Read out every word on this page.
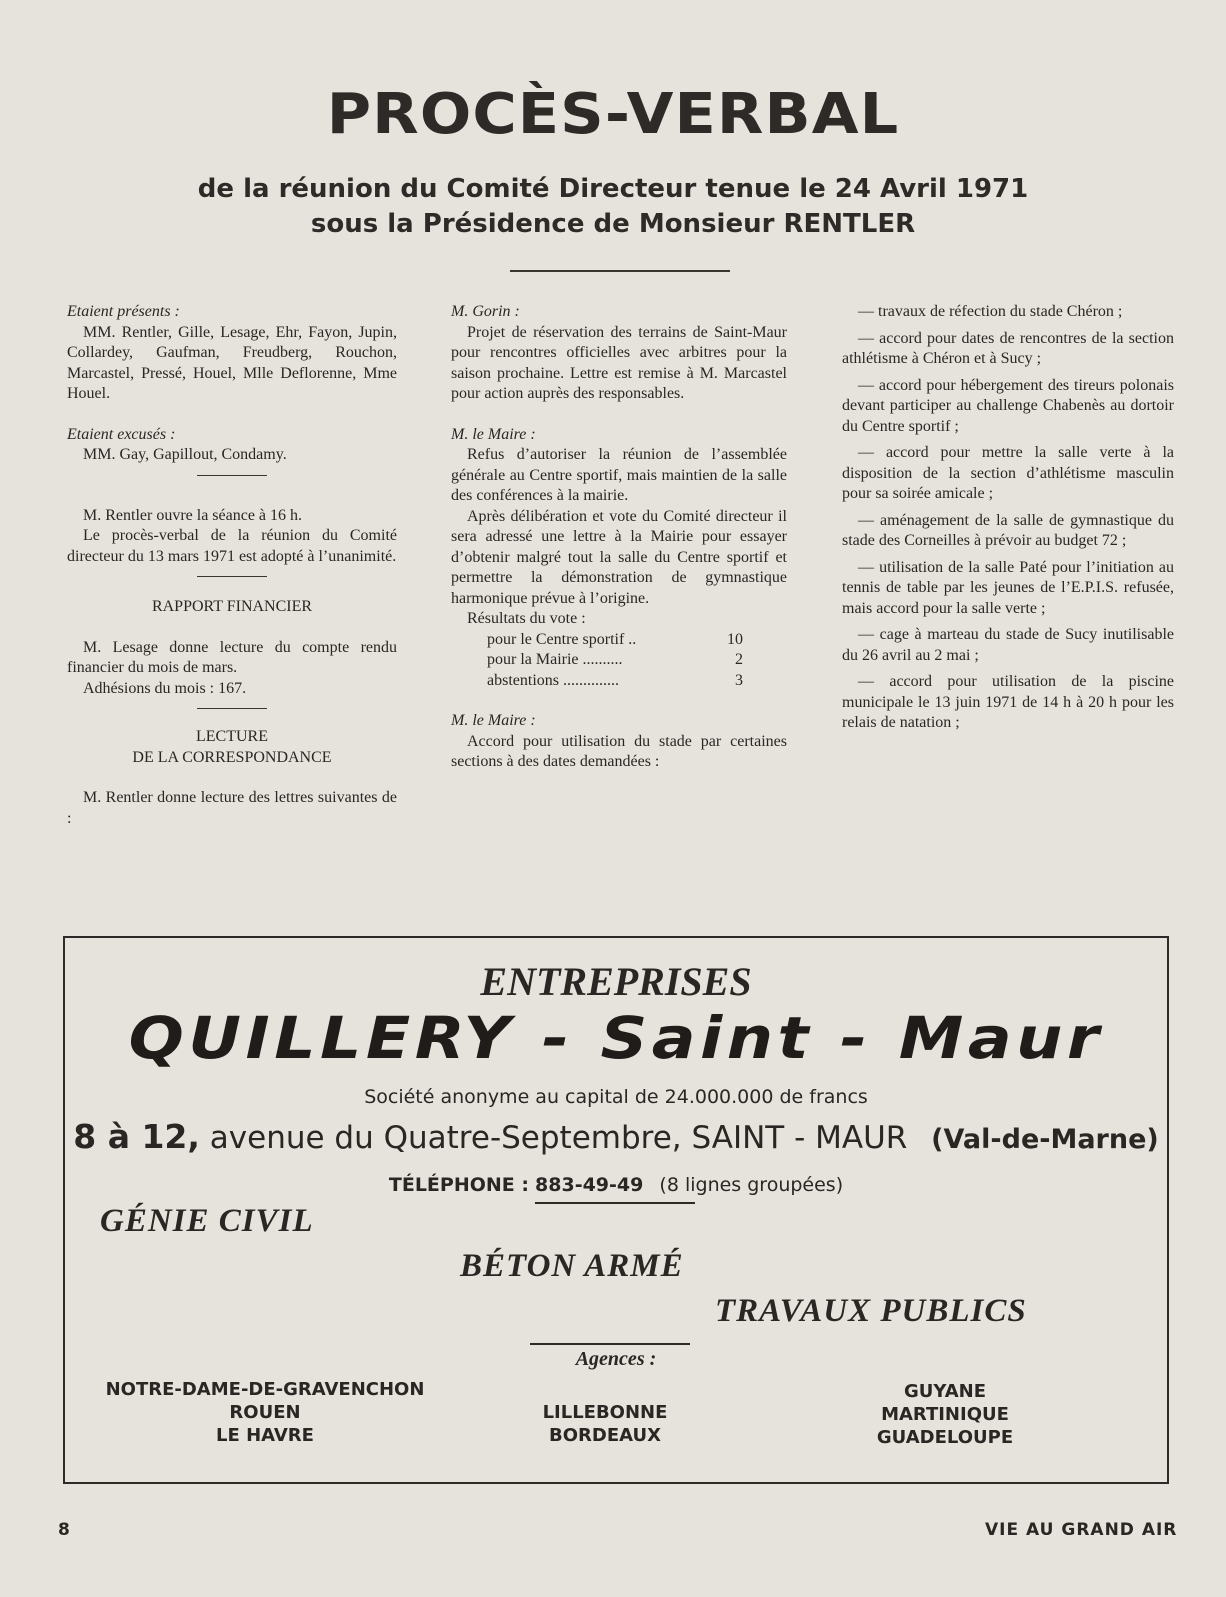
PROCÈS-VERBAL
de la réunion du Comité Directeur tenue le 24 Avril 1971
sous la Présidence de Monsieur RENTLER

Etaient présents :

MM. Rentler, Gille, Lesage, Ehr, Fayon, Jupin, Collardey, Gaufman, Freudberg, Rouchon, Marcastel, Pressé, Houel, Mlle Deflorenne, Mme Houel.

Etaient excusés :

MM. Gay, Gapillout, Condamy.

M. Rentler ouvre la séance à 16 h.

Le procès-verbal de la réunion du Comité directeur du 13 mars 1971 est adopté à l’unanimité.

RAPPORT FINANCIER

M. Lesage donne lecture du compte rendu financier du mois de mars.

Adhésions du mois : 167.

LECTURE

DE LA CORRESPONDANCE

M. Rentler donne lecture des lettres suivantes de :

M. Gorin :

Projet de réservation des terrains de Saint-Maur pour rencontres officielles avec arbitres pour la saison prochaine. Lettre est remise à M. Marcastel pour action auprès des responsables.

M. le Maire :

Refus d’autoriser la réunion de l’assemblée générale au Centre sportif, mais maintien de la salle des conférences à la mairie.

Après délibération et vote du Comité directeur il sera adressé une lettre à la Mairie pour essayer d’obtenir malgré tout la salle du Centre sportif et permettre la démonstration de gymnastique harmonique prévue à l’origine.

Résultats du vote :

pour le Centre sportif ..	10
pour la Mairie ..........	2
abstentions ..............	3

M. le Maire :

Accord pour utilisation du stade par certaines sections à des dates demandées :

— travaux de réfection du stade Chéron ;

— accord pour dates de rencontres de la section athlétisme à Chéron et à Sucy ;

— accord pour hébergement des tireurs polonais devant participer au challenge Chabenès au dortoir du Centre sportif ;

— accord pour mettre la salle verte à la disposition de la section d’athlétisme masculin pour sa soirée amicale ;

— aménagement de la salle de gymnastique du stade des Corneilles à prévoir au budget 72 ;

— utilisation de la salle Paté pour l’initiation au tennis de table par les jeunes de l’E.P.I.S. refusée, mais accord pour la salle verte ;

— cage à marteau du stade de Sucy inutilisable du 26 avril au 2 mai ;

— accord pour utilisation de la piscine municipale le 13 juin 1971 de 14 h à 20 h pour les relais de natation ;

ENTREPRISES
QUILLERY - Saint - Maur
Société anonyme au capital de 24.000.000 de francs
8 à 12, avenue du Quatre-Septembre, SAINT - MAUR (Val-de-Marne)
TÉLÉPHONE : 883-49-49 (8 lignes groupées)
GÉNIE CIVIL
BÉTON ARMÉ
TRAVAUX PUBLICS
Agences :
NOTRE-DAME-DE-GRAVENCHON
ROUEN
LE HAVRE
LILLEBONNE
BORDEAUX
GUYANE
MARTINIQUE
GUADELOUPE
8	VIE AU GRAND AIR
